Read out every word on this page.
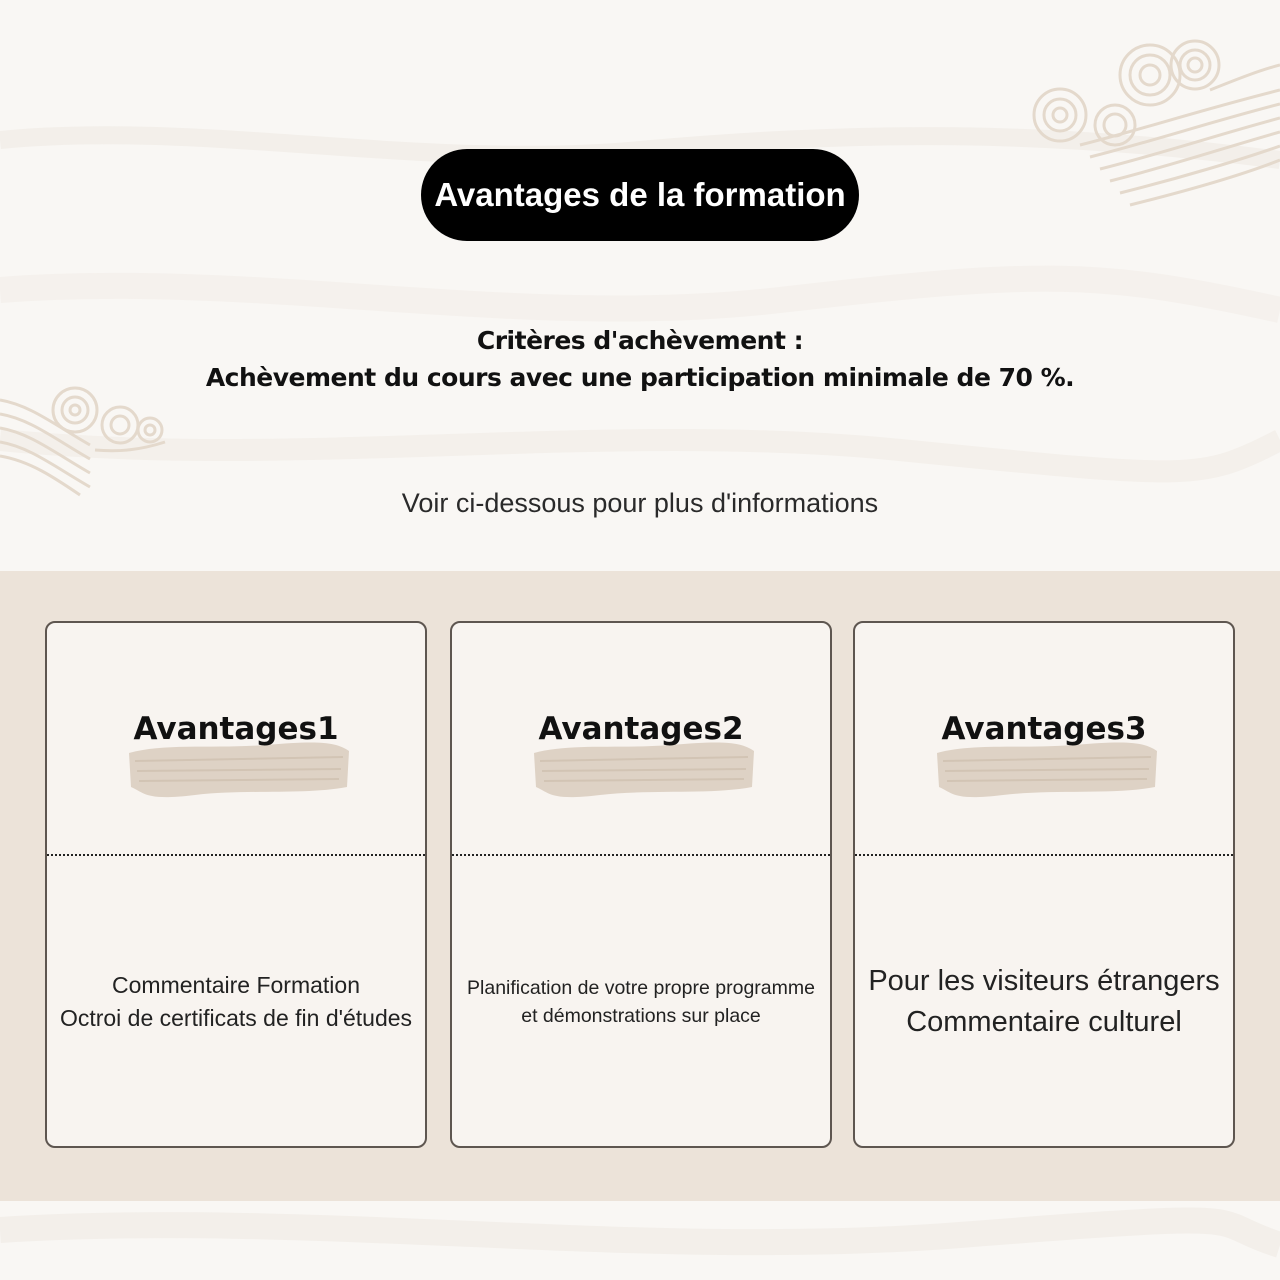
Avantages de la formation
Critères d'achèvement :
Achèvement du cours avec une participation minimale de 70 %.
Voir ci-dessous pour plus d'informations
Avantages1
Commentaire Formation
Octroi de certificats de fin d'études
Avantages2
Planification de votre propre programme
et démonstrations sur place
Avantages3
Pour les visiteurs étrangers
Commentaire culturel
